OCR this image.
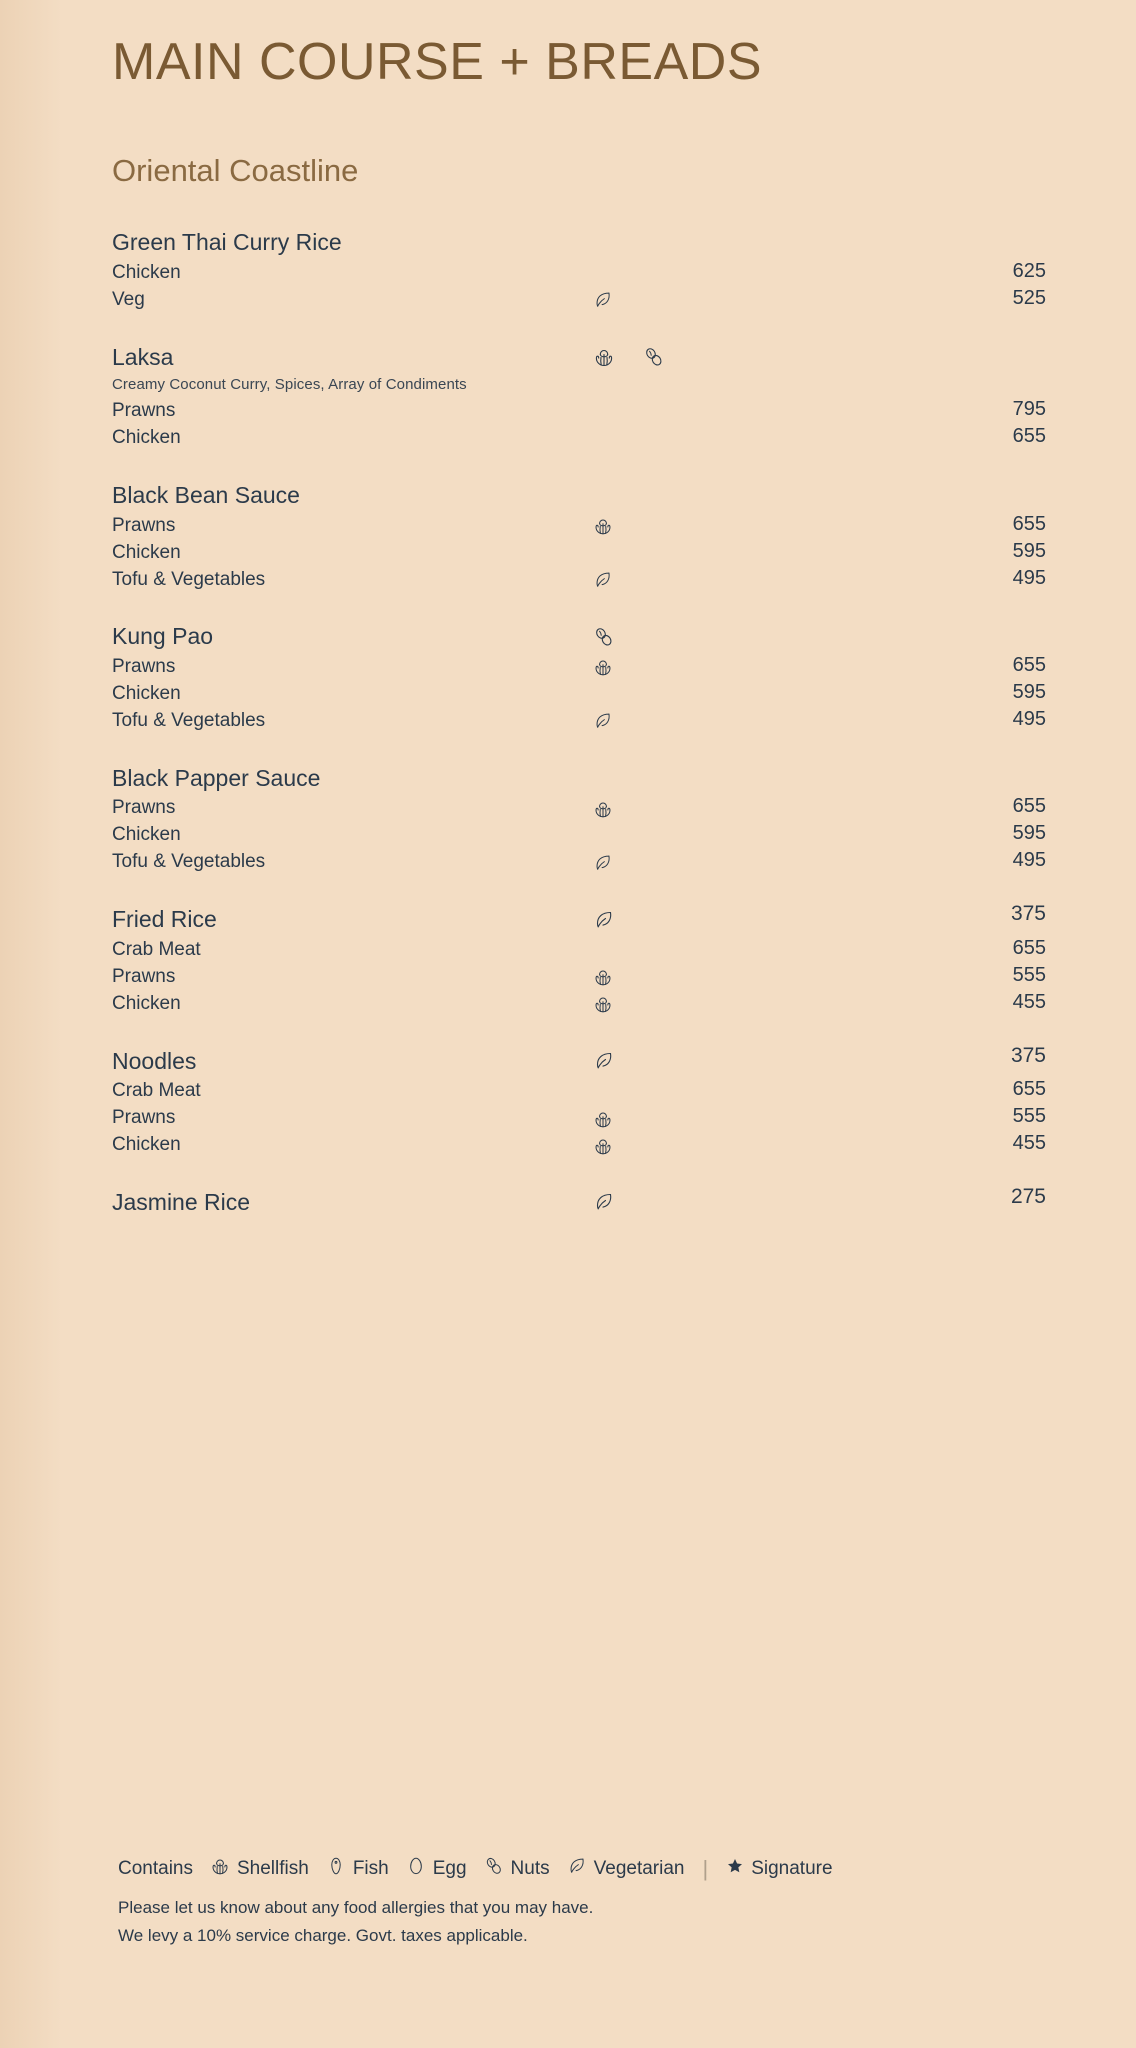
MAIN COURSE + BREADS
Oriental Coastline
Green Thai Curry Rice
Chicken	625
Veg	525
Laksa
Creamy Coconut Curry, Spices, Array of Condiments
Prawns	795
Chicken	655
Black Bean Sauce
Prawns	655
Chicken	595
Tofu & Vegetables	495
Kung Pao
Prawns	655
Chicken	595
Tofu & Vegetables	495
Black Papper Sauce
Prawns	655
Chicken	595
Tofu & Vegetables	495
Fried Rice	375
Crab Meat	655
Prawns	555
Chicken	455
Noodles	375
Crab Meat	655
Prawns	555
Chicken	455
Jasmine Rice	275
Contains Shellfish Fish Egg Nuts Vegetarian | Signature
Please let us know about any food allergies that you may have.
We levy a 10% service charge. Govt. taxes applicable.
